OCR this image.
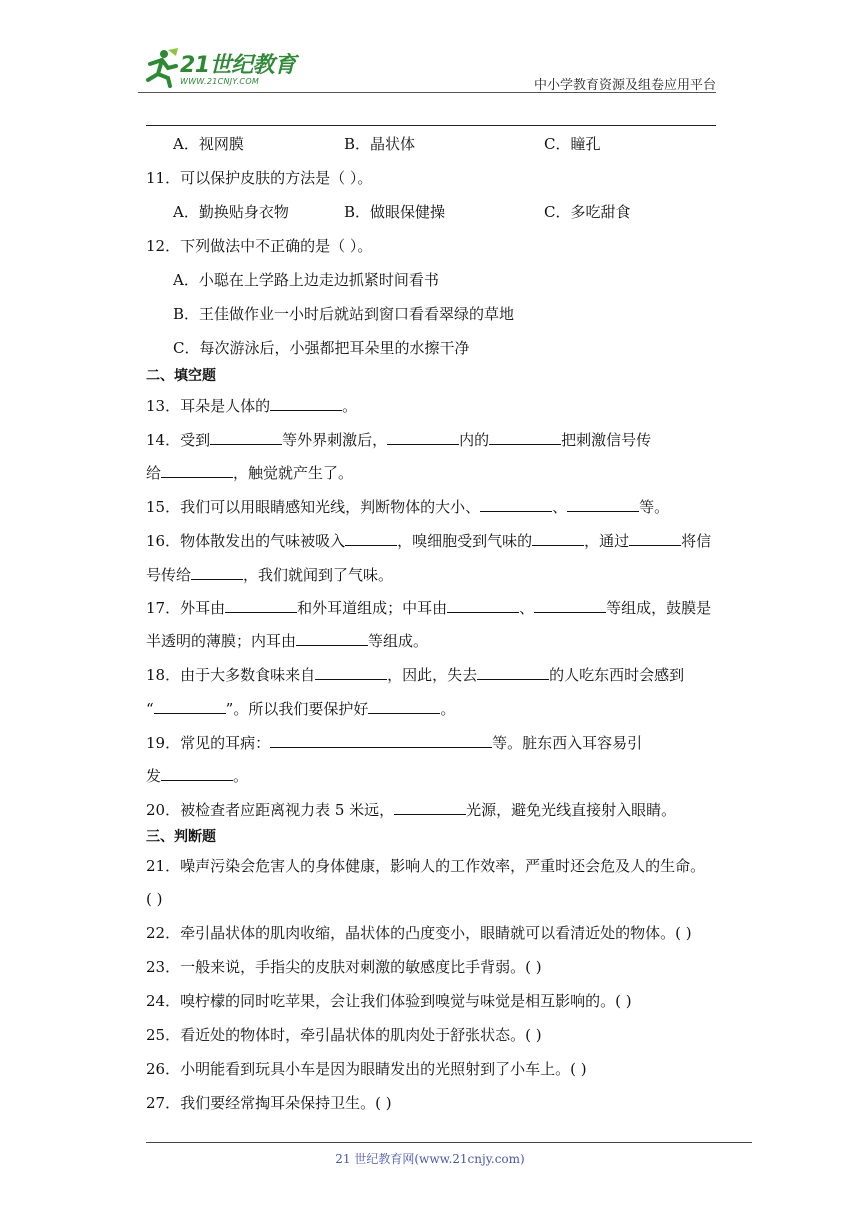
21世纪教育
WWW.21CNJY.COM	中小学教育资源及组卷应用平台
A．视网膜	B．晶状体	C．瞳孔
11．可以保护皮肤的方法是（ ）。
A．勤换贴身衣物	B．做眼保健操	C．多吃甜食
12．下列做法中不正确的是（ ）。
A．小聪在上学路上边走边抓紧时间看书
B．王佳做作业一小时后就站到窗口看看翠绿的草地
C．每次游泳后，小强都把耳朵里的水擦干净
二、填空题
13．耳朵是人体的	。
14．受到	等外界刺激后，	内的	把刺激信号传
给	，触觉就产生了。
15．我们可以用眼睛感知光线，判断物体的大小、	、	等。
16．物体散发出的气味被吸入	，嗅细胞受到气味的	，通过	将信
号传给	，我们就闻到了气味。
17．外耳由	和外耳道组成；中耳由	、	等组成，鼓膜是
半透明的薄膜；内耳由	等组成。
18．由于大多数食味来自	，因此，失去	的人吃东西时会感到
“	”。所以我们要保护好	。
19．常见的耳病：	等。脏东西入耳容易引
发	。
20．被检查者应距离视力表 5 米远，	光源，避免光线直接射入眼睛。
三、判断题
21．噪声污染会危害人的身体健康，影响人的工作效率，严重时还会危及人的生命。
( )
22．牵引晶状体的肌肉收缩，晶状体的凸度变小，眼睛就可以看清近处的物体。( )
23．一般来说，手指尖的皮肤对刺激的敏感度比手背弱。( )
24．嗅柠檬的同时吃苹果，会让我们体验到嗅觉与味觉是相互影响的。( )
25．看近处的物体时，牵引晶状体的肌肉处于舒张状态。( )
26．小明能看到玩具小车是因为眼睛发出的光照射到了小车上。( )
27．我们要经常掏耳朵保持卫生。( )
21 世纪教育网(www.21cnjy.com)
